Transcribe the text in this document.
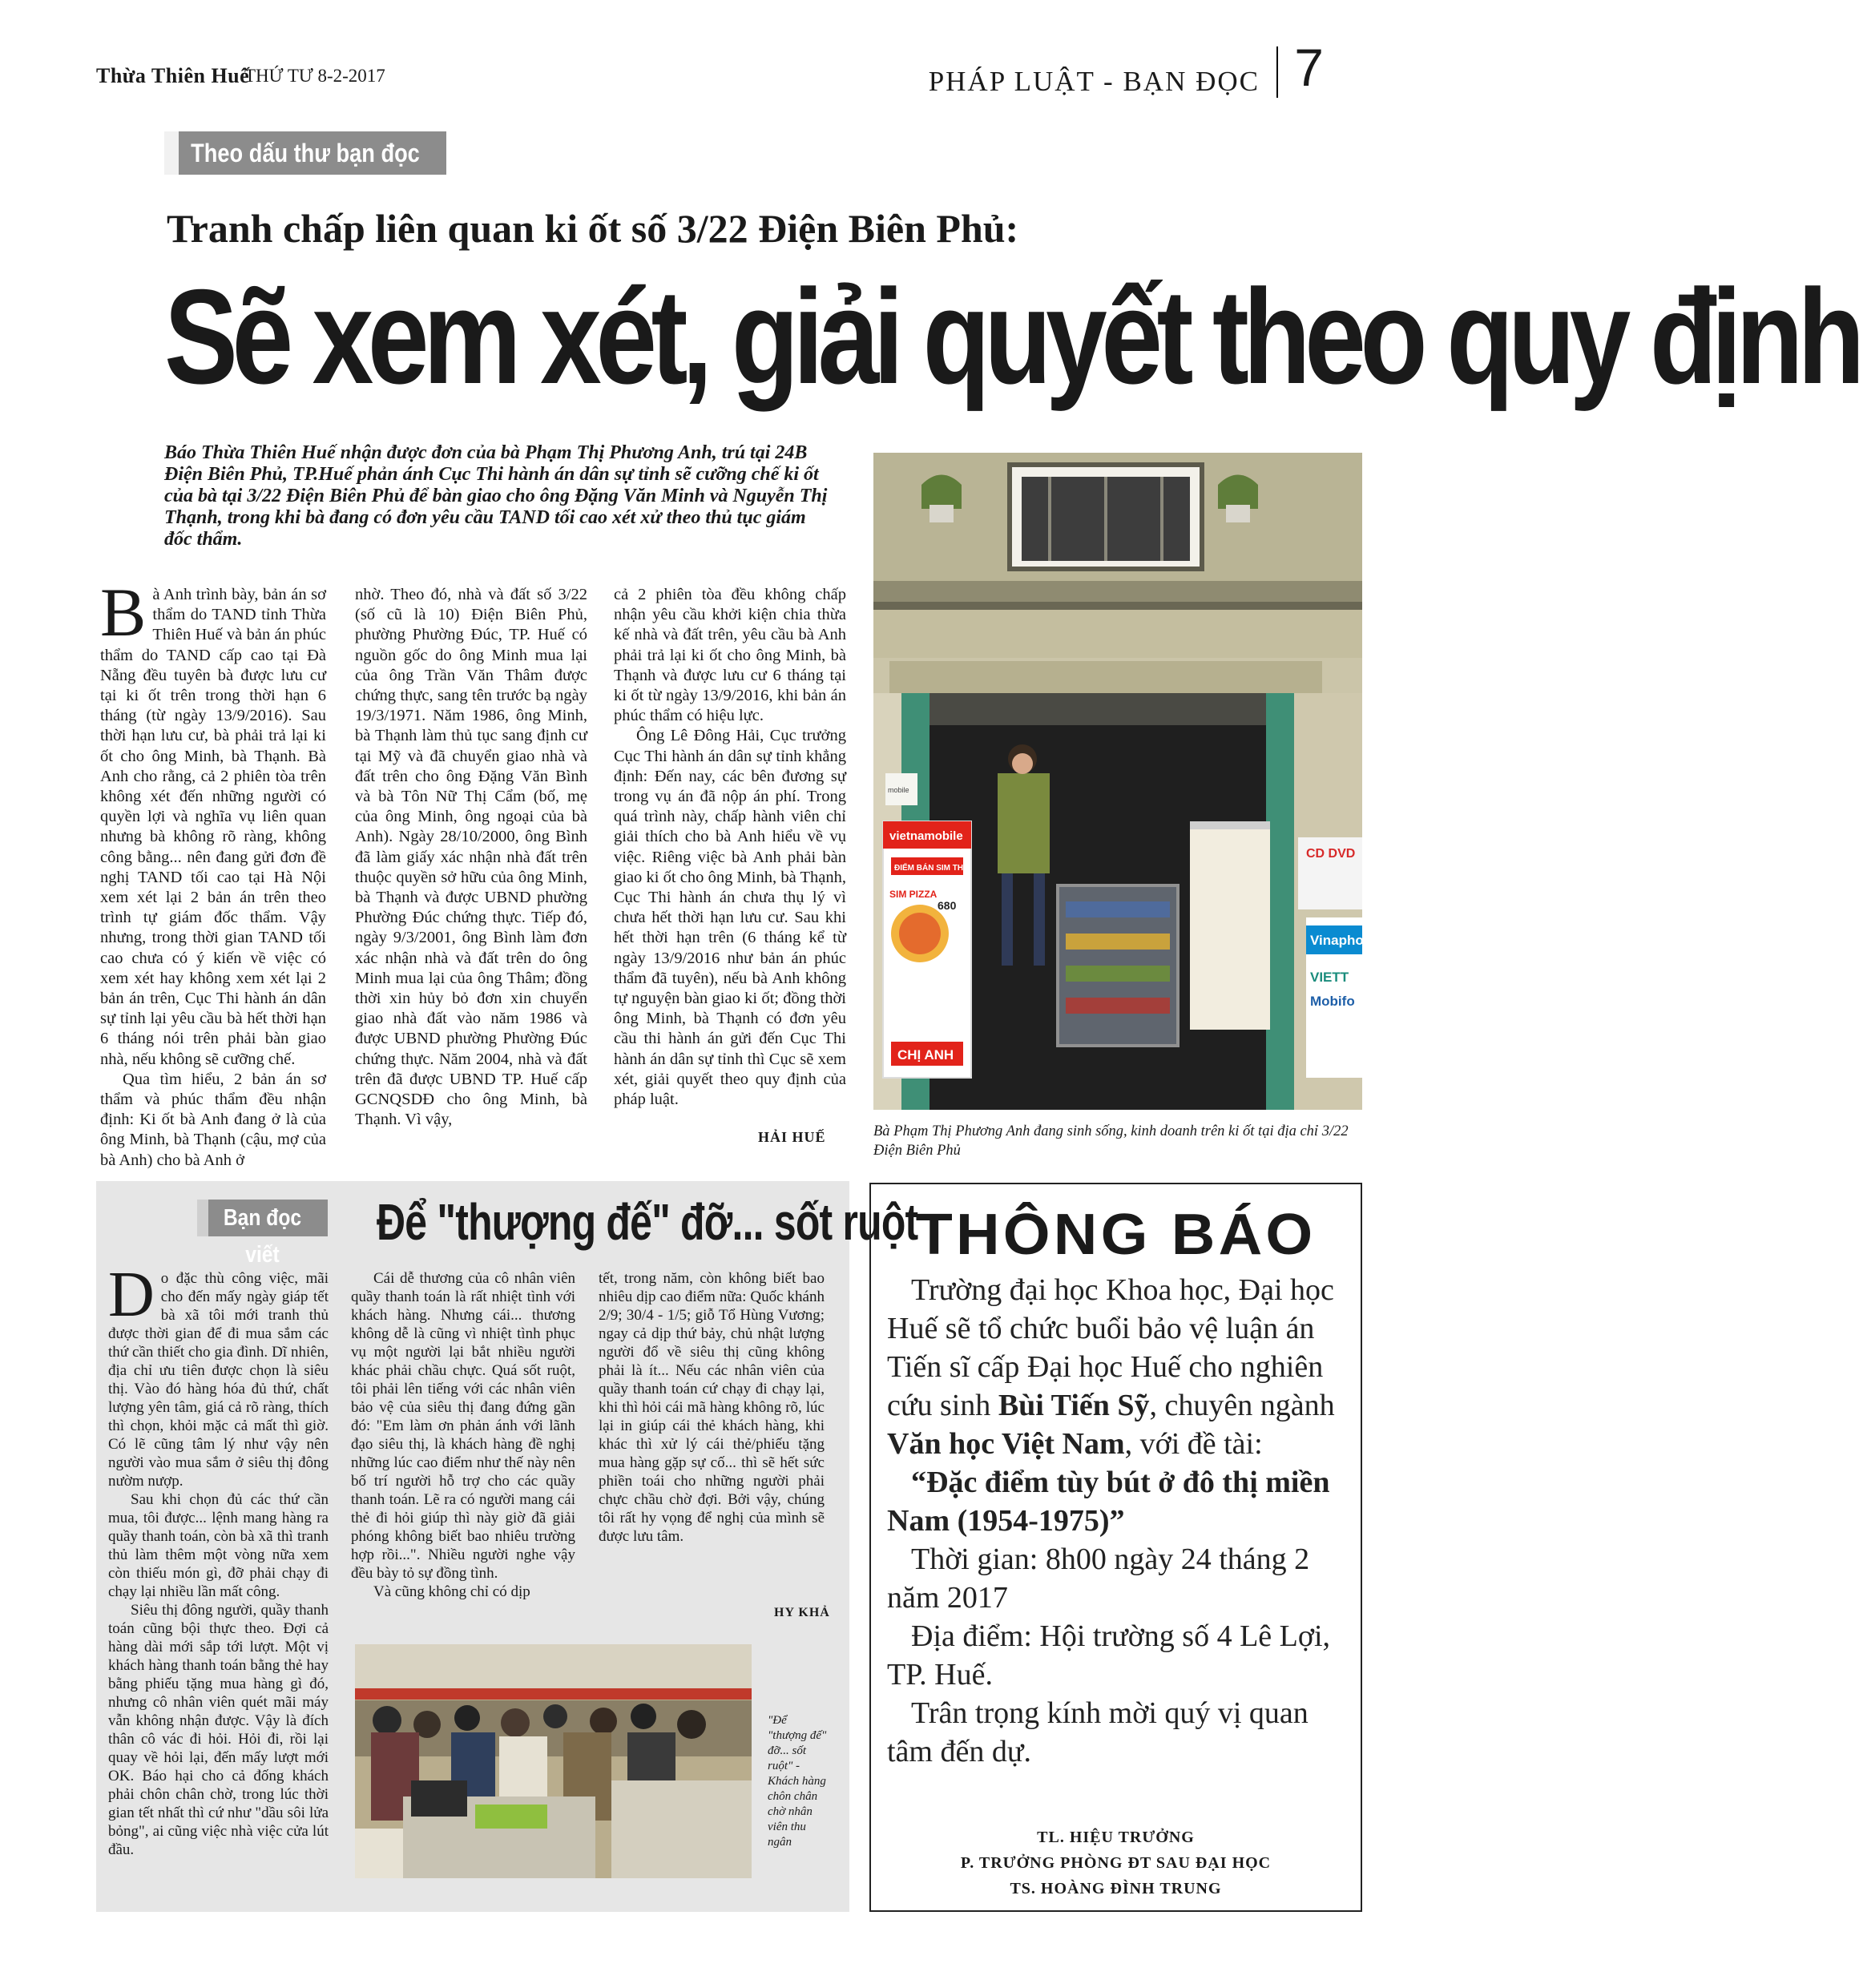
Thừa Thiên Huế
THỨ TƯ 8-2-2017	PHÁP LUẬT - BẠN ĐỌC 7
Theo dấu thư bạn đọc
Tranh chấp liên quan ki ốt số 3/22 Điện Biên Phủ:
Sẽ xem xét, giải quyết theo quy định

Báo Thừa Thiên Huế nhận được đơn của bà Phạm Thị Phương Anh, trú tại 24B Điện Biên Phủ, TP.Huế phản ánh Cục Thi hành án dân sự tỉnh sẽ cưỡng chế ki ốt của bà tại 3/22 Điện Biên Phủ để bàn giao cho ông Đặng Văn Minh và Nguyễn Thị Thạnh, trong khi bà đang có đơn yêu cầu TAND tối cao xét xử theo thủ tục giám đốc thẩm.

Bà Anh trình bày, bản án sơ thẩm do TAND tỉnh Thừa Thiên Huế và bản án phúc thẩm do TAND cấp cao tại Đà Nẵng đều tuyên bà được lưu cư tại ki ốt trên trong thời hạn 6 tháng (từ ngày 13/9/2016). Sau thời hạn lưu cư, bà phải trả lại ki ốt cho ông Minh, bà Thạnh. Bà Anh cho rằng, cả 2 phiên tòa trên không xét đến những người có quyền lợi và nghĩa vụ liên quan nhưng bà không rõ ràng, không công bằng... nên đang gửi đơn đề nghị TAND tối cao tại Hà Nội xem xét lại 2 bản án trên theo trình tự giám đốc thẩm. Vậy nhưng, trong thời gian TAND tối cao chưa có ý kiến về việc có xem xét hay không xem xét lại 2 bản án trên, Cục Thi hành án dân sự tỉnh lại yêu cầu bà hết thời hạn 6 tháng nói trên phải bàn giao nhà, nếu không sẽ cưỡng chế.

Qua tìm hiểu, 2 bản án sơ thẩm và phúc thẩm đều nhận định: Ki ốt bà Anh đang ở là của ông Minh, bà Thạnh (cậu, mợ của bà Anh) cho bà Anh ở

nhờ. Theo đó, nhà và đất số 3/22 (số cũ là 10) Điện Biên Phủ, phường Phường Đúc, TP. Huế có nguồn gốc do ông Minh mua lại của ông Trần Văn Thâm được chứng thực, sang tên trước bạ ngày 19/3/1971. Năm 1986, ông Minh, bà Thạnh làm thủ tục sang định cư tại Mỹ và đã chuyển giao nhà và đất trên cho ông Đặng Văn Bình và bà Tôn Nữ Thị Cẩm (bố, mẹ của ông Minh, ông ngoại của bà Anh). Ngày 28/10/2000, ông Bình đã làm giấy xác nhận nhà đất trên thuộc quyền sở hữu của ông Minh, bà Thạnh và được UBND phường Phường Đúc chứng thực. Tiếp đó, ngày 9/3/2001, ông Bình làm đơn xác nhận nhà và đất trên do ông Minh mua lại của ông Thâm; đồng thời xin hủy bỏ đơn xin chuyển giao nhà đất vào năm 1986 và được UBND phường Phường Đúc chứng thực. Năm 2004, nhà và đất trên đã được UBND TP. Huế cấp GCNQSDĐ cho ông Minh, bà Thạnh. Vì vậy,

cả 2 phiên tòa đều không chấp nhận yêu cầu khởi kiện chia thừa kế nhà và đất trên, yêu cầu bà Anh phải trả lại ki ốt cho ông Minh, bà Thạnh và được lưu cư 6 tháng tại ki ốt từ ngày 13/9/2016, khi bản án phúc thẩm có hiệu lực.

Ông Lê Đông Hải, Cục trưởng Cục Thi hành án dân sự tỉnh khẳng định: Đến nay, các bên đương sự trong vụ án đã nộp án phí. Trong quá trình này, chấp hành viên chỉ giải thích cho bà Anh hiểu về vụ việc. Riêng việc bà Anh phải bàn giao ki ốt cho ông Minh, bà Thạnh, Cục Thi hành án chưa thụ lý vì chưa hết thời hạn lưu cư. Sau khi hết thời hạn trên (6 tháng kể từ ngày 13/9/2016 như bản án phúc thẩm đã tuyên), nếu bà Anh không tự nguyện bàn giao ki ốt; đồng thời ông Minh, bà Thạnh có đơn yêu cầu thi hành án gửi đến Cục Thi hành án dân sự tỉnh thì Cục sẽ xem xét, giải quyết theo quy định của pháp luật.

HẢI HUẾ
vietnamobile
ĐIỂM BÁN SIM THẺ
SIM PIZZA
680
CHỊ ANH
mobile
CD DVD
Vinapho
VIETT
Mobifo

Bà Phạm Thị Phương Anh đang sinh sống, kinh doanh trên ki ốt tại địa chỉ 3/22 Điện Biên Phủ

Bạn đọc viết
Để "thượng đế" đỡ... sốt ruột

Do đặc thù công việc, mãi cho đến mấy ngày giáp tết bà xã tôi mới tranh thủ được thời gian để đi mua sắm các thứ cần thiết cho gia đình. Dĩ nhiên, địa chỉ ưu tiên được chọn là siêu thị. Vào đó hàng hóa đủ thứ, chất lượng yên tâm, giá cả rõ ràng, thích thì chọn, khỏi mặc cả mất thì giờ. Có lẽ cũng tâm lý như vậy nên người vào mua sắm ở siêu thị đông nườm nượp.

Sau khi chọn đủ các thứ cần mua, tôi được... lệnh mang hàng ra quầy thanh toán, còn bà xã thì tranh thủ làm thêm một vòng nữa xem còn thiếu món gì, đỡ phải chạy đi chạy lại nhiều lần mất công.

Siêu thị đông người, quầy thanh toán cũng bội thực theo. Đợi cả hàng dài mới sắp tới lượt. Một vị khách hàng thanh toán bằng thẻ hay bằng phiếu tặng mua hàng gì đó, nhưng cô nhân viên quét mãi máy vẫn không nhận được. Vậy là đích thân cô vác đi hỏi. Hỏi đi, rồi lại quay về hỏi lại, đến mấy lượt mới OK. Báo hại cho cả đống khách phải chôn chân chờ, trong lúc thời gian tết nhất thì cứ như "dầu sôi lửa bỏng", ai cũng việc nhà việc cửa lút đầu.

Cái dễ thương của cô nhân viên quầy thanh toán là rất nhiệt tình với khách hàng. Nhưng cái... thương không dễ là cũng vì nhiệt tình phục vụ một người lại bắt nhiều người khác phải chầu chực. Quá sốt ruột, tôi phải lên tiếng với các nhân viên bảo vệ của siêu thị đang đứng gần đó: "Em làm ơn phản ánh với lãnh đạo siêu thị, là khách hàng đề nghị những lúc cao điểm như thế này nên bố trí người hỗ trợ cho các quầy thanh toán. Lẽ ra có người mang cái thẻ đi hỏi giúp thì này giờ đã giải phóng không biết bao nhiêu trường hợp rồi...". Nhiều người nghe vậy đều bày tỏ sự đồng tình.

Và cũng không chỉ có dịp

tết, trong năm, còn không biết bao nhiêu dịp cao điểm nữa: Quốc khánh 2/9; 30/4 - 1/5; giỗ Tổ Hùng Vương; ngay cả dịp thứ bảy, chủ nhật lượng người đổ về siêu thị cũng không phải là ít... Nếu các nhân viên của quầy thanh toán cứ chạy đi chạy lại, khi thì hỏi cái mã hàng không rõ, lúc lại in giúp cái thẻ khách hàng, khi khác thì xử lý cái thẻ/phiếu tặng mua hàng gặp sự cố... thì sẽ hết sức phiền toái cho những người phải chực chầu chờ đợi. Bởi vậy, chúng tôi rất hy vọng để nghị của mình sẽ được lưu tâm.

HY KHẢ

"Để "thượng đế" đỡ... sốt ruột" - Khách hàng chôn chân chờ nhân viên thu ngân

THÔNG BÁO

Trường đại học Khoa học, Đại học Huế sẽ tổ chức buổi bảo vệ luận án Tiến sĩ cấp Đại học Huế cho nghiên cứu sinh Bùi Tiến Sỹ, chuyên ngành Văn học Việt Nam, với đề tài:

“Đặc điểm tùy bút ở đô thị miền Nam (1954-1975)”

Thời gian: 8h00 ngày 24 tháng 2 năm 2017

Địa điểm: Hội trường số 4 Lê Lợi, TP. Huế.

Trân trọng kính mời quý vị quan tâm đến dự.

TL. HIỆU TRƯỞNG
P. TRƯỞNG PHÒNG ĐT SAU ĐẠI HỌC
TS. HOÀNG ĐÌNH TRUNG
